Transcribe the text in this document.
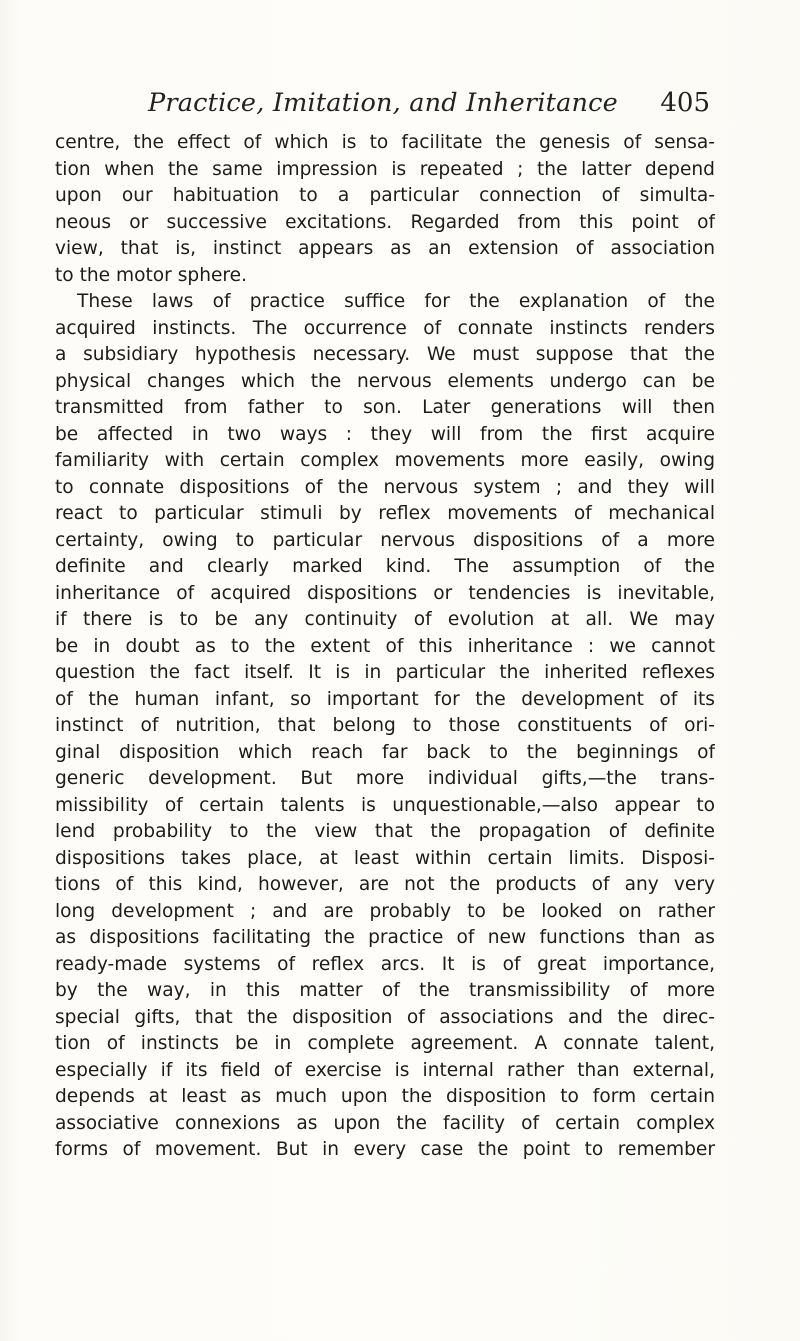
Practice, Imitation, and Inheritance 405
centre, the effect of which is to facilitate the genesis of sensa-
tion when the same impression is repeated ; the latter depend
upon our habituation to a particular connection of simulta-
neous or successive excitations. Regarded from this point of
view, that is, instinct appears as an extension of association
to the motor sphere.
These laws of practice suffice for the explanation of the
acquired instincts. The occurrence of connate instincts renders
a subsidiary hypothesis necessary. We must suppose that the
physical changes which the nervous elements undergo can be
transmitted from father to son. Later generations will then
be affected in two ways : they will from the first acquire
familiarity with certain complex movements more easily, owing
to connate dispositions of the nervous system ; and they will
react to particular stimuli by reflex movements of mechanical
certainty, owing to particular nervous dispositions of a more
definite and clearly marked kind. The assumption of the
inheritance of acquired dispositions or tendencies is inevitable,
if there is to be any continuity of evolution at all. We may
be in doubt as to the extent of this inheritance : we cannot
question the fact itself. It is in particular the inherited reflexes
of the human infant, so important for the development of its
instinct of nutrition, that belong to those constituents of ori-
ginal disposition which reach far back to the beginnings of
generic development. But more individual gifts,—the trans-
missibility of certain talents is unquestionable,—also appear to
lend probability to the view that the propagation of definite
dispositions takes place, at least within certain limits. Disposi-
tions of this kind, however, are not the products of any very
long development ; and are probably to be looked on rather
as dispositions facilitating the practice of new functions than as
ready-made systems of reflex arcs. It is of great importance,
by the way, in this matter of the transmissibility of more
special gifts, that the disposition of associations and the direc-
tion of instincts be in complete agreement. A connate talent,
especially if its field of exercise is internal rather than external,
depends at least as much upon the disposition to form certain
associative connexions as upon the facility of certain complex
forms of movement. But in every case the point to remember
